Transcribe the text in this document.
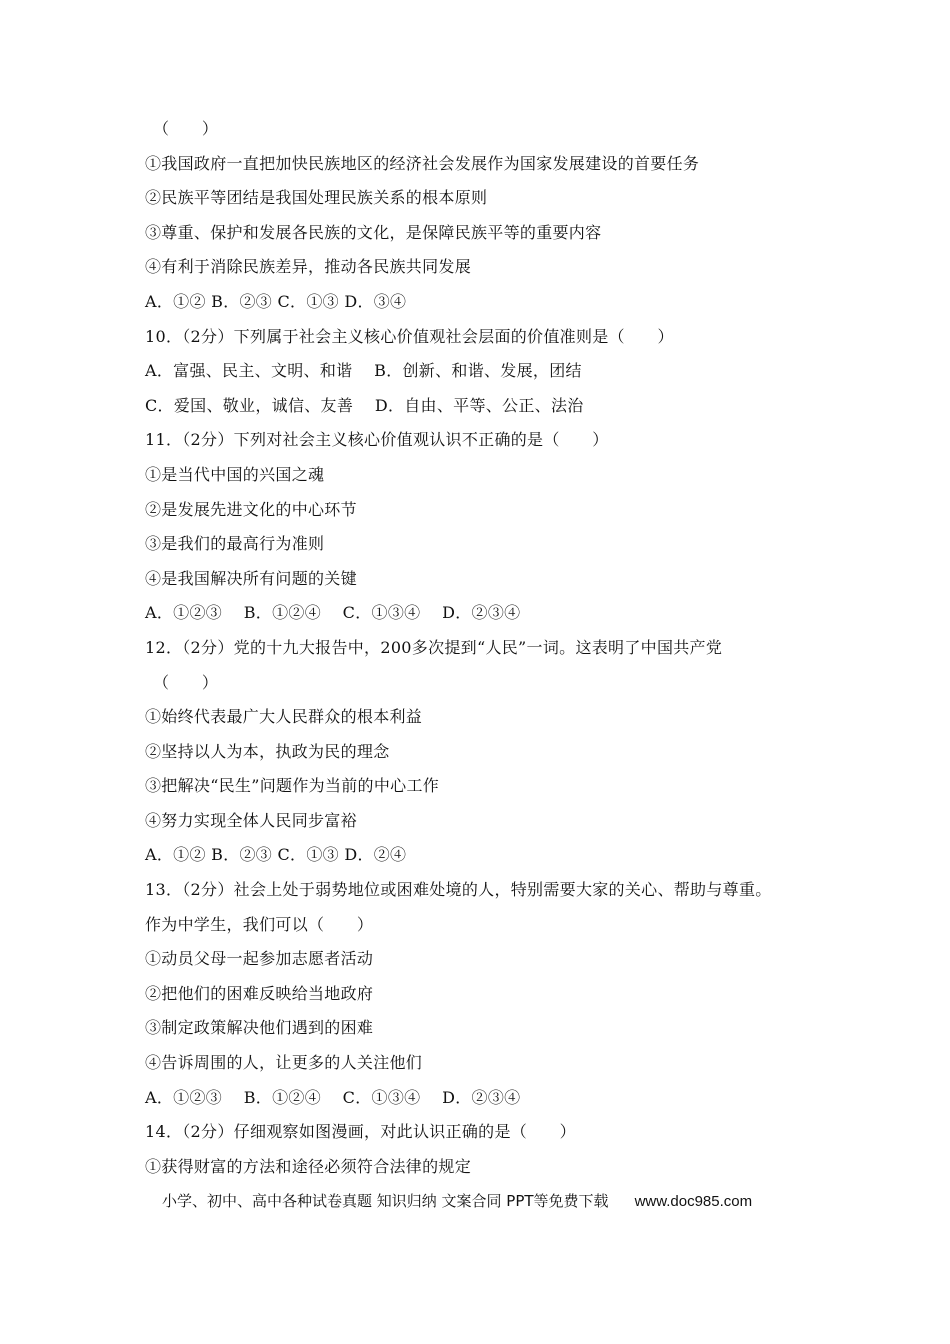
（　　）
①我国政府一直把加快民族地区的经济社会发展作为国家发展建设的首要任务
②民族平等团结是我国处理民族关系的根本原则
③尊重、保护和发展各民族的文化，是保障民族平等的重要内容
④有利于消除民族差异，推动各民族共同发展
A．①② B．②③ C．①③ D．③④
10．（2分）下列属于社会主义核心价值观社会层面的价值准则是（　　）
A．富强、民主、文明、和谐　 B．创新、和谐、发展，团结
C．爱国、敬业，诚信、友善　 D．自由、平等、公正、法治
11．（2分）下列对社会主义核心价值观认识不正确的是（　　）
①是当代中国的兴国之魂
②是发展先进文化的中心环节
③是我们的最高行为准则
④是我国解决所有问题的关键
A．①②③　 B．①②④　 C．①③④　 D．②③④
12．（2分）党的十九大报告中，200多次提到“人民”一词。这表明了中国共产党
（　　）
①始终代表最广大人民群众的根本利益
②坚持以人为本，执政为民的理念
③把解决“民生”问题作为当前的中心工作
④努力实现全体人民同步富裕
A．①② B．②③ C．①③ D．②④
13．（2分）社会上处于弱势地位或困难处境的人，特别需要大家的关心、帮助与尊重。
作为中学生，我们可以（　　）
①动员父母一起参加志愿者活动
②把他们的困难反映给当地政府
③制定政策解决他们遇到的困难
④告诉周围的人，让更多的人关注他们
A．①②③　 B．①②④　 C．①③④　 D．②③④
14．（2分）仔细观察如图漫画，对此认识正确的是（　　）
①获得财富的方法和途径必须符合法律的规定
小学、初中、高中各种试卷真题 知识归纳 文案合同 PPT等免费下载 www.doc985.com
